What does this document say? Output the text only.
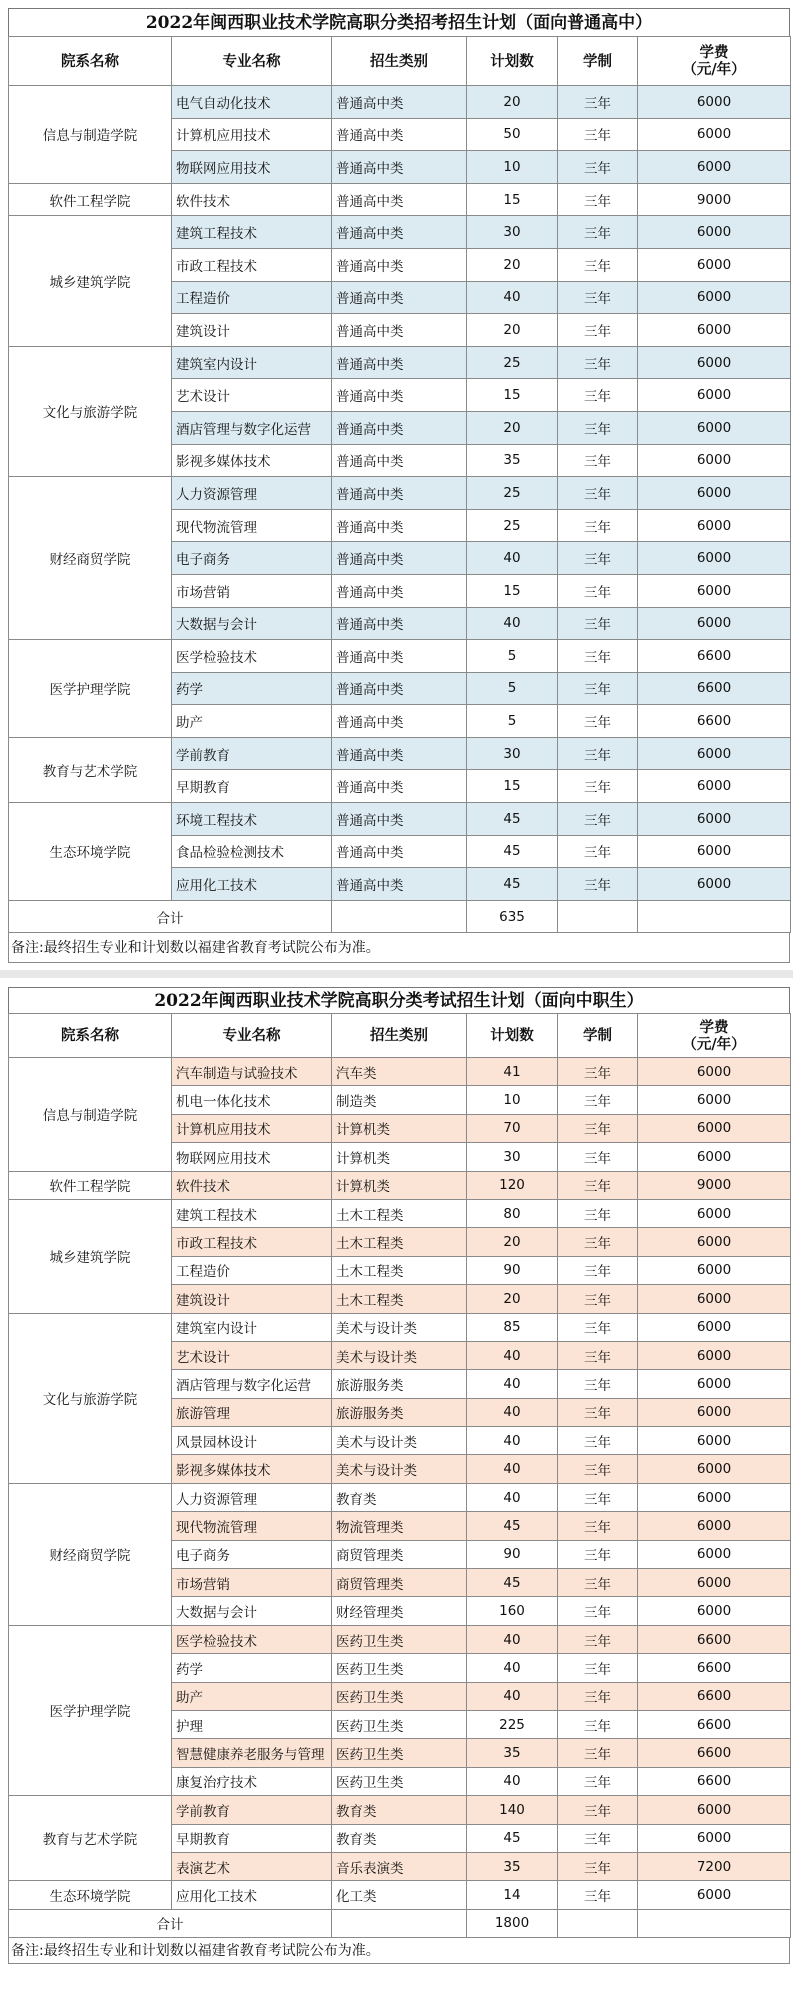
2022年闽西职业技术学院高职分类招考招生计划（面向普通高中）
院系名称	专业名称	招生类别	计划数	学制	学费
（元/年）
信息与制造学院	电气自动化技术	普通高中类	20	三年	6000
	计算机应用技术	普通高中类	50	三年	6000
	物联网应用技术	普通高中类	10	三年	6000
软件工程学院	软件技术	普通高中类	15	三年	9000
城乡建筑学院	建筑工程技术	普通高中类	30	三年	6000
	市政工程技术	普通高中类	20	三年	6000
	工程造价	普通高中类	40	三年	6000
	建筑设计	普通高中类	20	三年	6000
文化与旅游学院	建筑室内设计	普通高中类	25	三年	6000
	艺术设计	普通高中类	15	三年	6000
	酒店管理与数字化运营	普通高中类	20	三年	6000
	影视多媒体技术	普通高中类	35	三年	6000
财经商贸学院	人力资源管理	普通高中类	25	三年	6000
	现代物流管理	普通高中类	25	三年	6000
	电子商务	普通高中类	40	三年	6000
	市场营销	普通高中类	15	三年	6000
	大数据与会计	普通高中类	40	三年	6000
医学护理学院	医学检验技术	普通高中类	5	三年	6600
	药学	普通高中类	5	三年	6600
	助产	普通高中类	5	三年	6600
教育与艺术学院	学前教育	普通高中类	30	三年	6000
	早期教育	普通高中类	15	三年	6000
生态环境学院	环境工程技术	普通高中类	45	三年	6000
	食品检验检测技术	普通高中类	45	三年	6000
	应用化工技术	普通高中类	45	三年	6000
合计			635		
备注:最终招生专业和计划数以福建省教育考试院公布为准。
2022年闽西职业技术学院高职分类考试招生计划（面向中职生）
院系名称	专业名称	招生类别	计划数	学制	学费
（元/年）
信息与制造学院	汽车制造与试验技术	汽车类	41	三年	6000
	机电一体化技术	制造类	10	三年	6000
	计算机应用技术	计算机类	70	三年	6000
	物联网应用技术	计算机类	30	三年	6000
软件工程学院	软件技术	计算机类	120	三年	9000
城乡建筑学院	建筑工程技术	土木工程类	80	三年	6000
	市政工程技术	土木工程类	20	三年	6000
	工程造价	土木工程类	90	三年	6000
	建筑设计	土木工程类	20	三年	6000
文化与旅游学院	建筑室内设计	美术与设计类	85	三年	6000
	艺术设计	美术与设计类	40	三年	6000
	酒店管理与数字化运营	旅游服务类	40	三年	6000
	旅游管理	旅游服务类	40	三年	6000
	风景园林设计	美术与设计类	40	三年	6000
	影视多媒体技术	美术与设计类	40	三年	6000
财经商贸学院	人力资源管理	教育类	40	三年	6000
	现代物流管理	物流管理类	45	三年	6000
	电子商务	商贸管理类	90	三年	6000
	市场营销	商贸管理类	45	三年	6000
	大数据与会计	财经管理类	160	三年	6000
医学护理学院	医学检验技术	医药卫生类	40	三年	6600
	药学	医药卫生类	40	三年	6600
	助产	医药卫生类	40	三年	6600
	护理	医药卫生类	225	三年	6600
	智慧健康养老服务与管理	医药卫生类	35	三年	6600
	康复治疗技术	医药卫生类	40	三年	6600
教育与艺术学院	学前教育	教育类	140	三年	6000
	早期教育	教育类	45	三年	6000
	表演艺术	音乐表演类	35	三年	7200
生态环境学院	应用化工技术	化工类	14	三年	6000
合计			1800		
备注:最终招生专业和计划数以福建省教育考试院公布为准。
